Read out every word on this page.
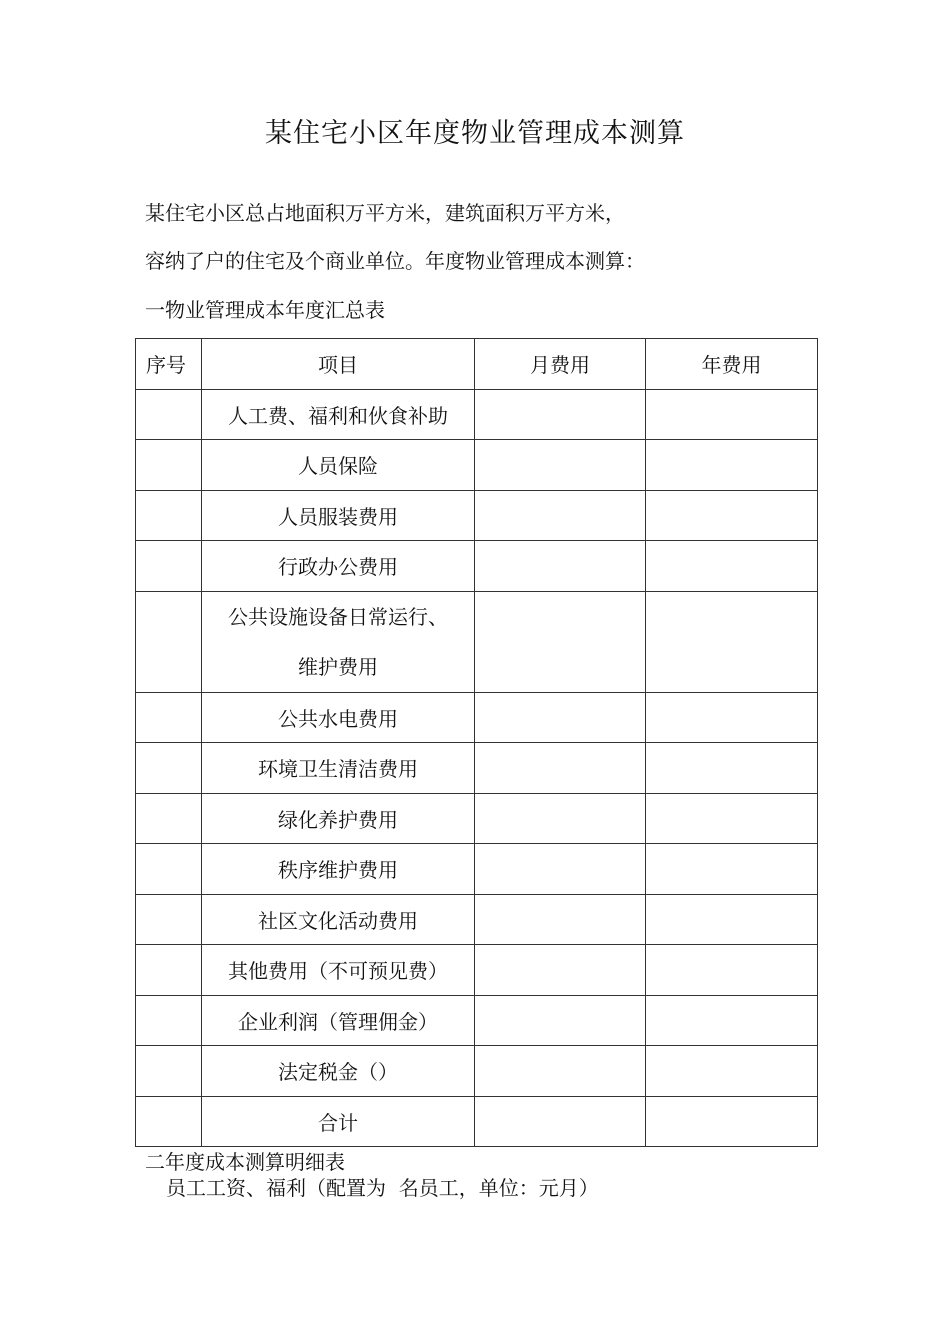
某住宅小区年度物业管理成本测算
某住宅小区总占地面积万平方米，建筑面积万平方米，
容纳了户的住宅及个商业单位。年度物业管理成本测算：
一物业管理成本年度汇总表
序号	项目	月费用	年费用
	人工费、福利和伙食补助		
	人员保险		
	人员服装费用		
	行政办公费用		
	公共设施设备日常运行、
维护费用		
	公共水电费用		
	环境卫生清洁费用		
	绿化养护费用		
	秩序维护费用		
	社区文化活动费用		
	其他费用（不可预见费）		
	企业利润（管理佣金）		
	法定税金（）		
	合计		
二年度成本测算明细表
员工工资、福利（配置为  名员工，单位：元月）
